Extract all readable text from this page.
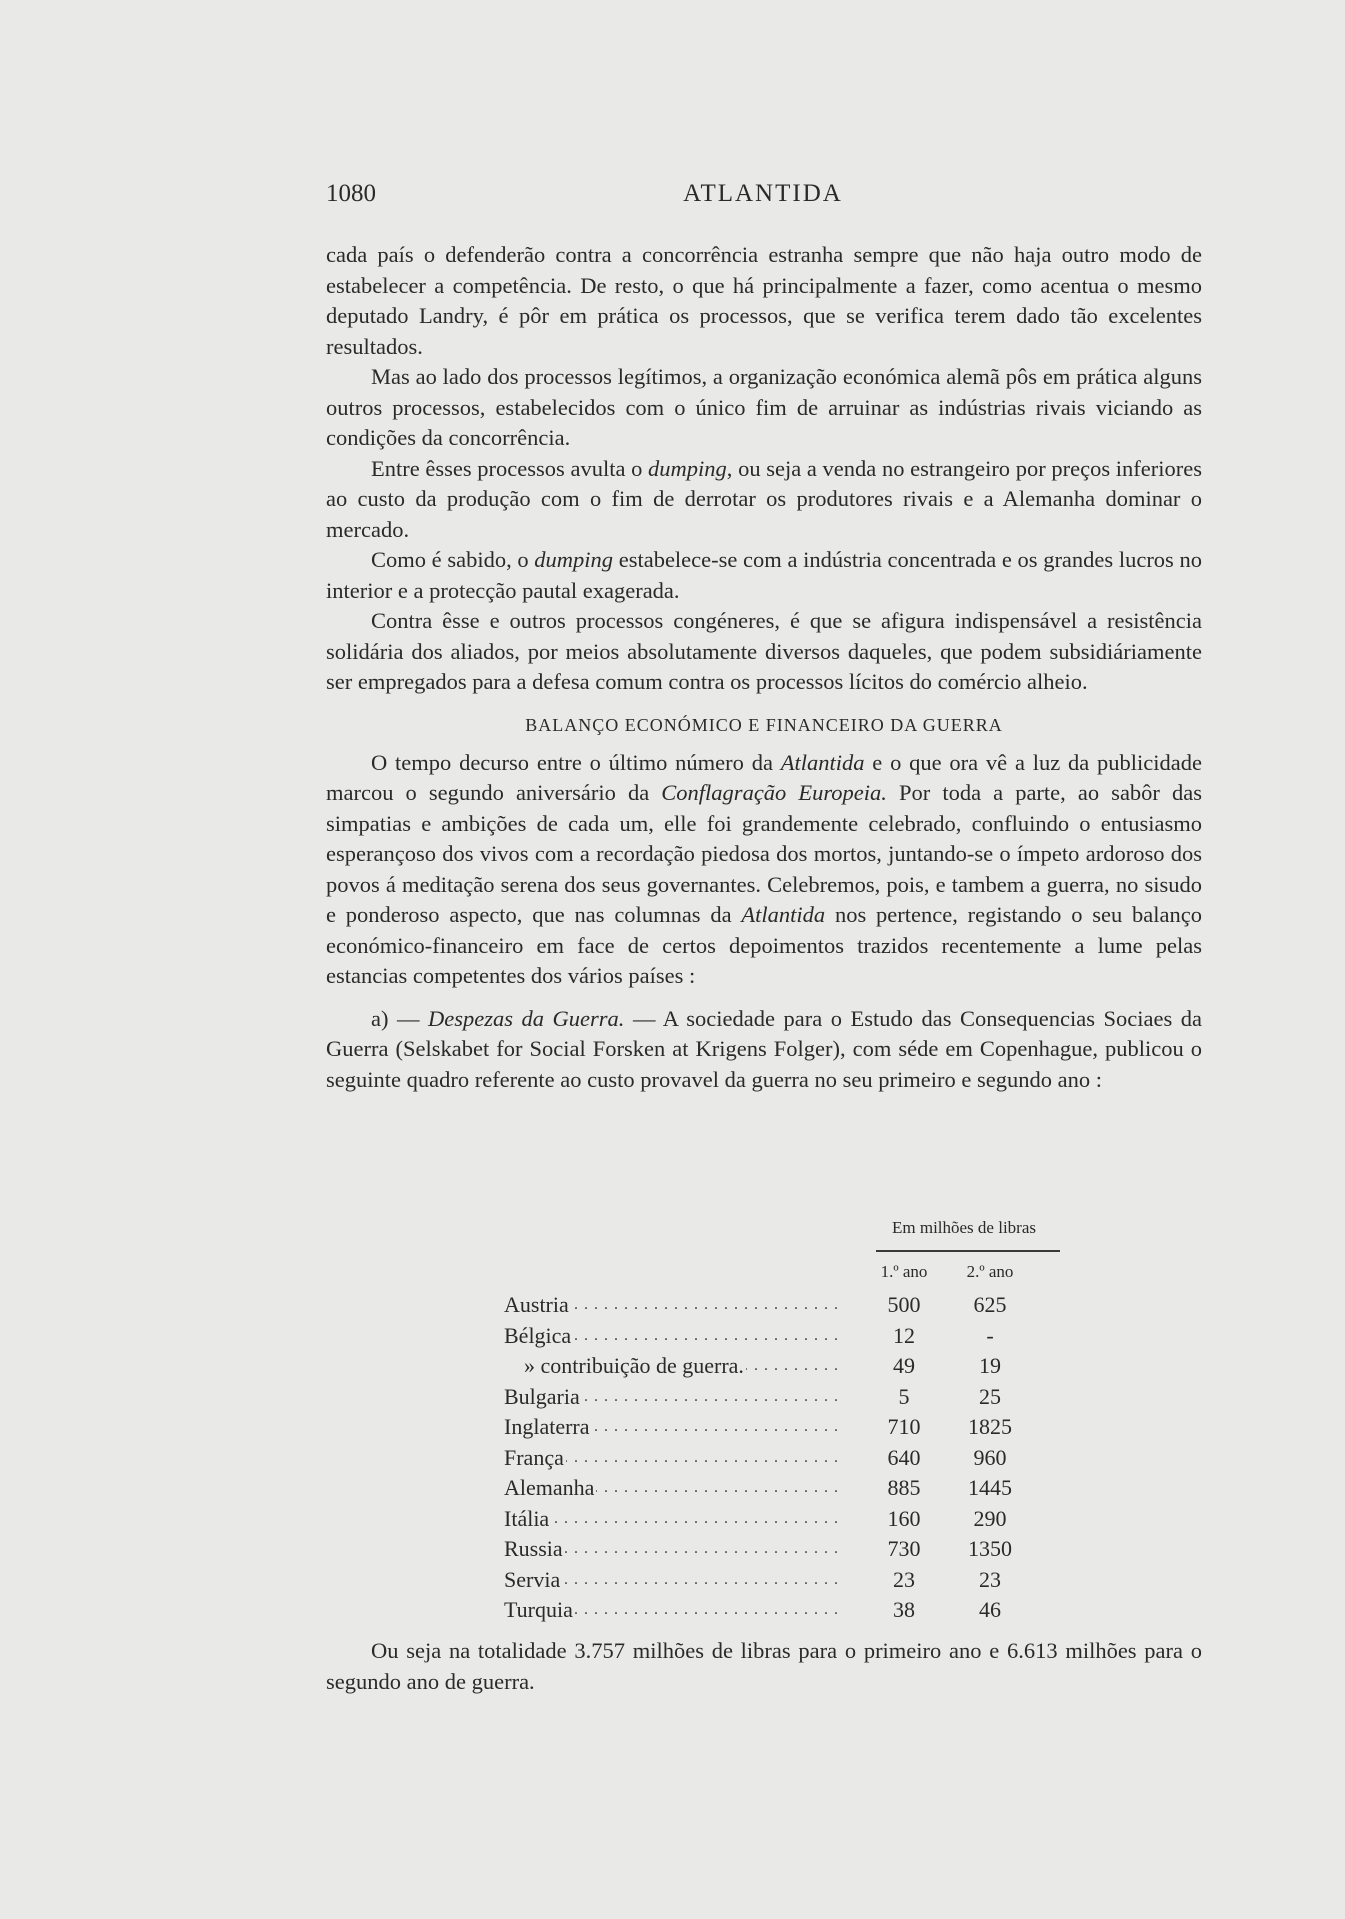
1080	ATLANTIDA

cada país o defenderão contra a concorrência estranha sempre que não haja outro modo de estabelecer a competência. De resto, o que há principalmente a fazer, como acentua o mesmo deputado Landry, é pôr em prática os processos, que se verifica terem dado tão excelentes resultados.

Mas ao lado dos processos legítimos, a organização económica alemã pôs em prática alguns outros processos, estabelecidos com o único fim de arruinar as indústrias rivais viciando as condições da concorrência.

Entre êsses processos avulta o dumping, ou seja a venda no estrangeiro por preços inferiores ao custo da produção com o fim de derrotar os produtores rivais e a Alemanha dominar o mercado.

Como é sabido, o dumping estabelece-se com a indústria concentrada e os grandes lucros no interior e a protecção pautal exagerada.

Contra êsse e outros processos congéneres, é que se afigura indispensável a resistência solidária dos aliados, por meios absolutamente diversos daqueles, que podem subsidiáriamente ser empregados para a defesa comum contra os processos lícitos do comércio alheio.

BALANÇO ECONÓMICO E FINANCEIRO DA GUERRA

O tempo decurso entre o último número da Atlantida e o que ora vê a luz da publicidade marcou o segundo aniversário da Conflagração Europeia. Por toda a parte, ao sabôr das simpatias e ambições de cada um, elle foi grandemente celebrado, confluindo o entusiasmo esperançoso dos vivos com a recordação piedosa dos mortos, juntando-se o ímpeto ardoroso dos povos á meditação serena dos seus governantes. Celebremos, pois, e tambem a guerra, no sisudo e ponderoso aspecto, que nas columnas da Atlantida nos pertence, registando o seu balanço económico-financeiro em face de certos depoimentos trazidos recentemente a lume pelas estancias competentes dos vários países :

a) — Despezas da Guerra. — A sociedade para o Estudo das Consequencias Sociaes da Guerra (Selskabet for Social Forsken at Krigens Folger), com séde em Copenhague, publicou o seguinte quadro referente ao custo provavel da guerra no seu primeiro e segundo ano :

Em milhões de libras
1.º ano	2.º ano
Austria . . .	500	625
Bélgica . . .	12	-
» contribuição de guerra. . . .	49	19
Bulgaria . . .	5	25
Inglaterra . . .	710	1825
França . . .	640	960
Alemanha . . .	885	1445
Itália . . .	160	290
Russia . . .	730	1350
Servia . . .	23	23
Turquia . . .	38	46

Ou seja na totalidade 3.757 milhões de libras para o primeiro ano e 6.613 milhões para o segundo ano de guerra.
